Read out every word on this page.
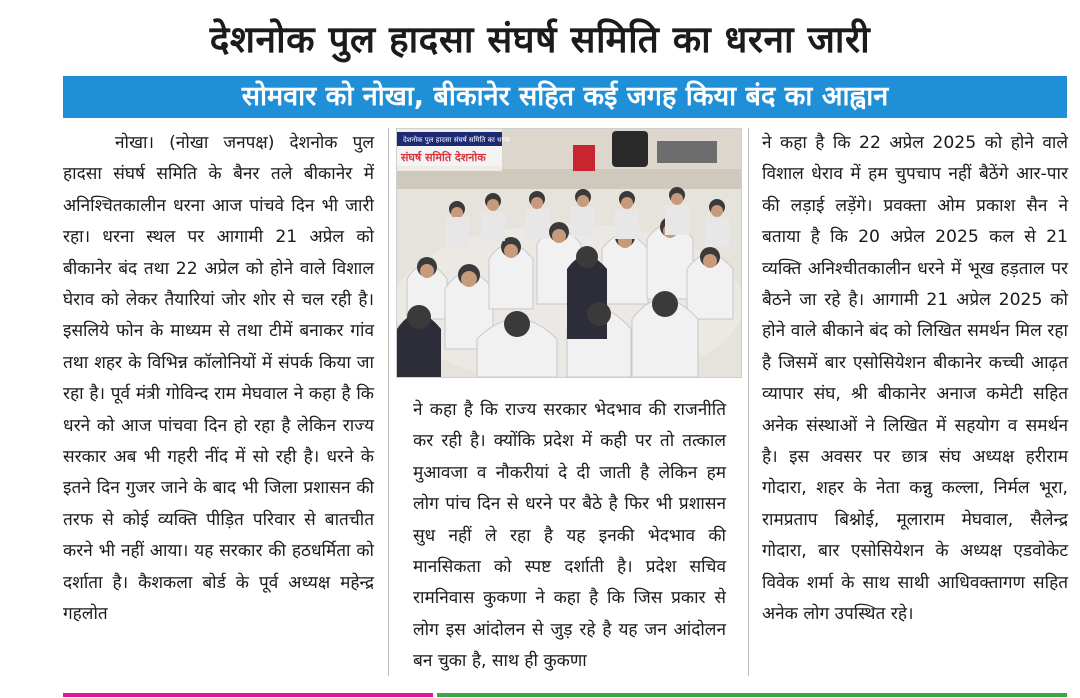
देशनोक पुल हादसा संघर्ष समिति का धरना जारी
सोमवार को नोखा, बीकानेर सहित कई जगह किया बंद का आह्वान

नोखा। (नोखा जनपक्ष) देशनोक पुल हादसा संघर्ष समिति के बैनर तले बीकानेर में अनिश्चितकालीन धरना आज पांचवे दिन भी जारी रहा। धरना स्थल पर आगामी 21 अप्रेल को बीकानेर बंद तथा 22 अप्रेल को होने वाले विशाल घेराव को लेकर तैयारियां जोर शोर से चल रही है। इसलिये फोन के माध्यम से तथा टीमें बनाकर गांव तथा शहर के विभिन्न कॉलोनियों में संपर्क किया जा रहा है। पूर्व मंत्री गोविन्द राम मेघवाल ने कहा है कि धरने को आज पांचवा दिन हो रहा है लेकिन राज्य सरकार अब भी गहरी नींद में सो रही है। धरने के इतने दिन गुजर जाने के बाद भी जिला प्रशासन की तरफ से कोई व्यक्ति पीड़ित परिवार से बातचीत करने भी नहीं आया। यह सरकार की हठधर्मिता को दर्शाता है। कैशकला बोर्ड के पूर्व अध्यक्ष महेन्द्र गहलोत

संघर्ष समिति देशनोक
देशनोक पुल हादसा संघर्ष समिति का धरना

ने कहा है कि राज्य सरकार भेदभाव की राजनीति कर रही है। क्योंकि प्रदेश में कही पर तो तत्काल मुआवजा व नौकरीयां दे दी जाती है लेकिन हम लोग पांच दिन से धरने पर बैठे है फिर भी प्रशासन सुध नहीं ले रहा है यह इनकी भेदभाव की मानसिकता को स्पष्ट दर्शाती है। प्रदेश सचिव रामनिवास कुकणा ने कहा है कि जिस प्रकार से लोग इस आंदोलन से जुड़ रहे है यह जन आंदोलन बन चुका है, साथ ही कुकणा

ने कहा है कि 22 अप्रेल 2025 को होने वाले विशाल धेराव में हम चुपचाप नहीं बैठेंगे आर-पार की लड़ाई लड़ेंगे। प्रवक्ता ओम प्रकाश सैन ने बताया है कि 20 अप्रेल 2025 कल से 21 व्यक्ति अनिश्चीतकालीन धरने में भूख हड़ताल पर बैठने जा रहे है। आगामी 21 अप्रेल 2025 को होने वाले बीकाने बंद को लिखित समर्थन मिल रहा है जिसमें बार एसोसियेशन बीकानेर कच्ची आढ़त व्यापार संघ, श्री बीकानेर अनाज कमेटी सहित अनेक संस्थाओं ने लिखित में सहयोग व समर्थन है। इस अवसर पर छात्र संघ अध्यक्ष हरीराम गोदारा, शहर के नेता कन्नु कल्ला, निर्मल भूरा, रामप्रताप बिश्नोई, मूलाराम मेघवाल, सैलेन्द्र गोदारा, बार एसोसियेशन के अध्यक्ष एडवोकेट विवेक शर्मा के साथ साथी आधिवक्तागण सहित अनेक लोग उपस्थित रहे।
